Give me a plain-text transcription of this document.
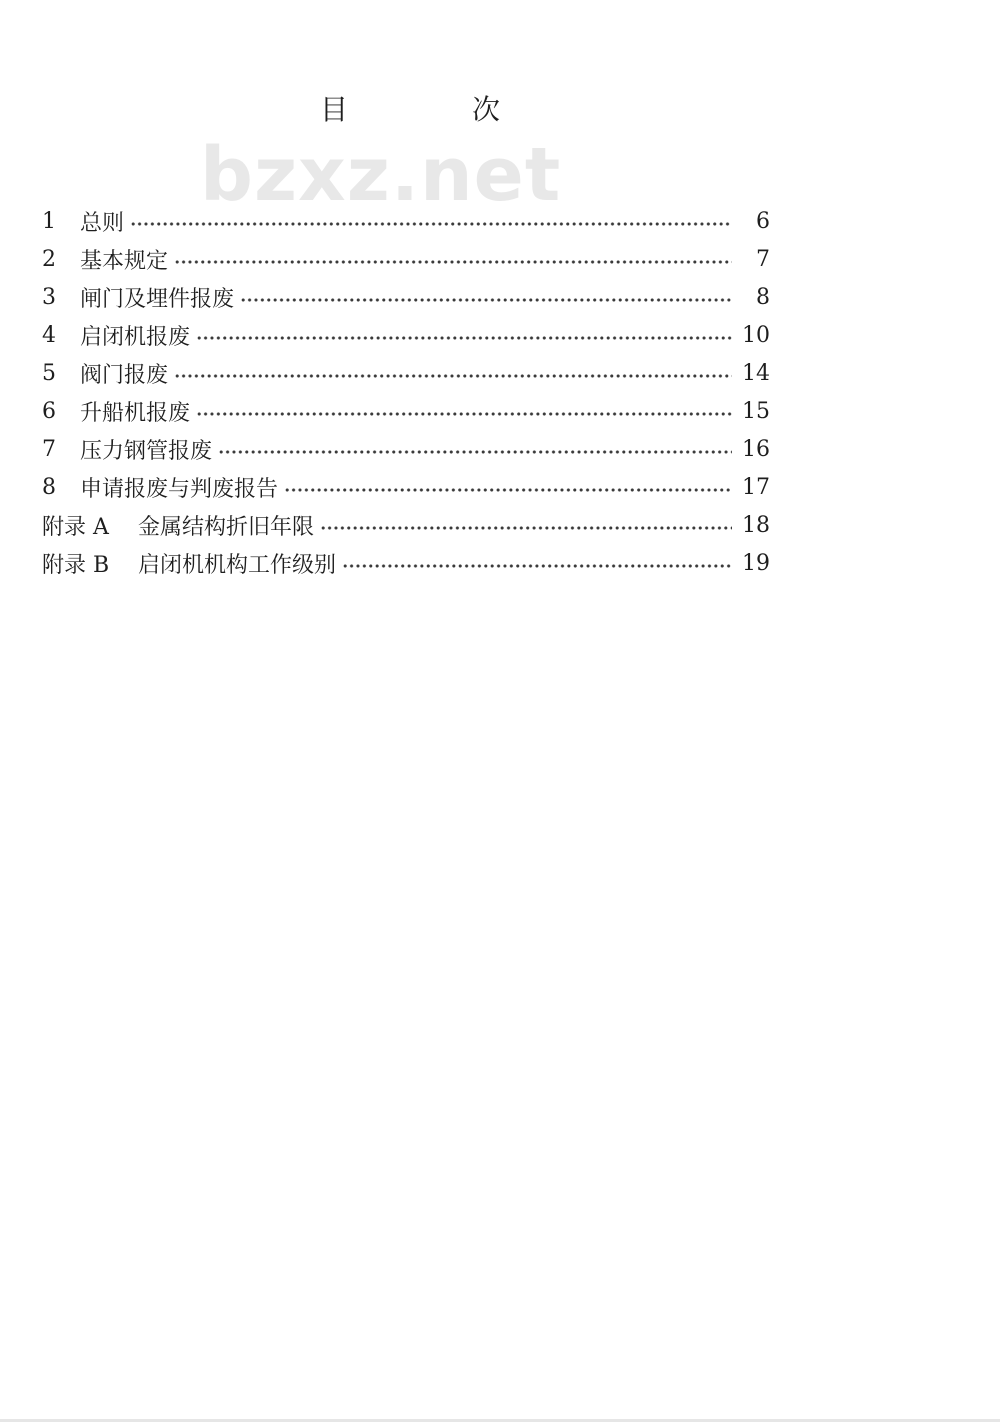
目	次
bzxz.net
1	总则	6
2	基本规定	7
3	闸门及埋件报废	8
4	启闭机报废	10
5	阀门报废	14
6	升船机报废	15
7	压力钢管报废	16
8	申请报废与判废报告	17
附录 A	金属结构折旧年限	18
附录 B	启闭机机构工作级别	19
